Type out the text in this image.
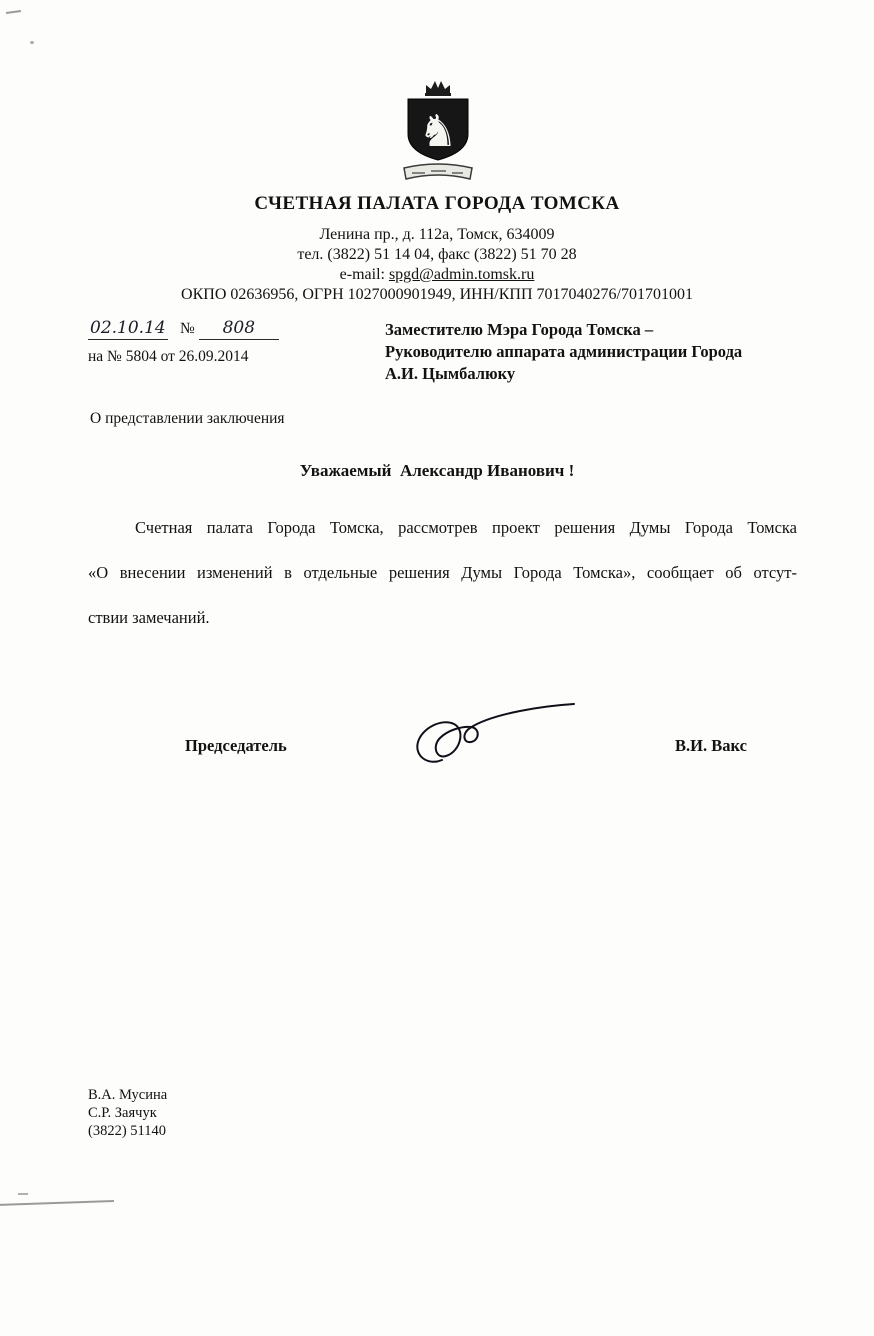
♞
СЧЕТНАЯ ПАЛАТА ГОРОДА ТОМСКА
Ленина пр., д. 112а, Томск, 634009
тел. (3822) 51 14 04, факс (3822) 51 70 28
e-mail: spgd@admin.tomsk.ru
ОКПО 02636956, ОГРН 1027000901949, ИНН/КПП 7017040276/701701001
02.10.14 № 808
на № 5804 от 26.09.2014
Заместителю Мэра Города Томска –
Руководителю аппарата администрации Города
А.И. Цымбалюку
О представлении заключения
Уважаемый  Александр Иванович !
Счетная палата Города Томска, рассмотрев проект решения Думы Города Томска
«О внесении изменений в отдельные решения Думы Города Томска», сообщает об отсут-
ствии замечаний.
Председатель	В.И. Вакс
В.А. Мусина
С.Р. Заячук
(3822) 51140
